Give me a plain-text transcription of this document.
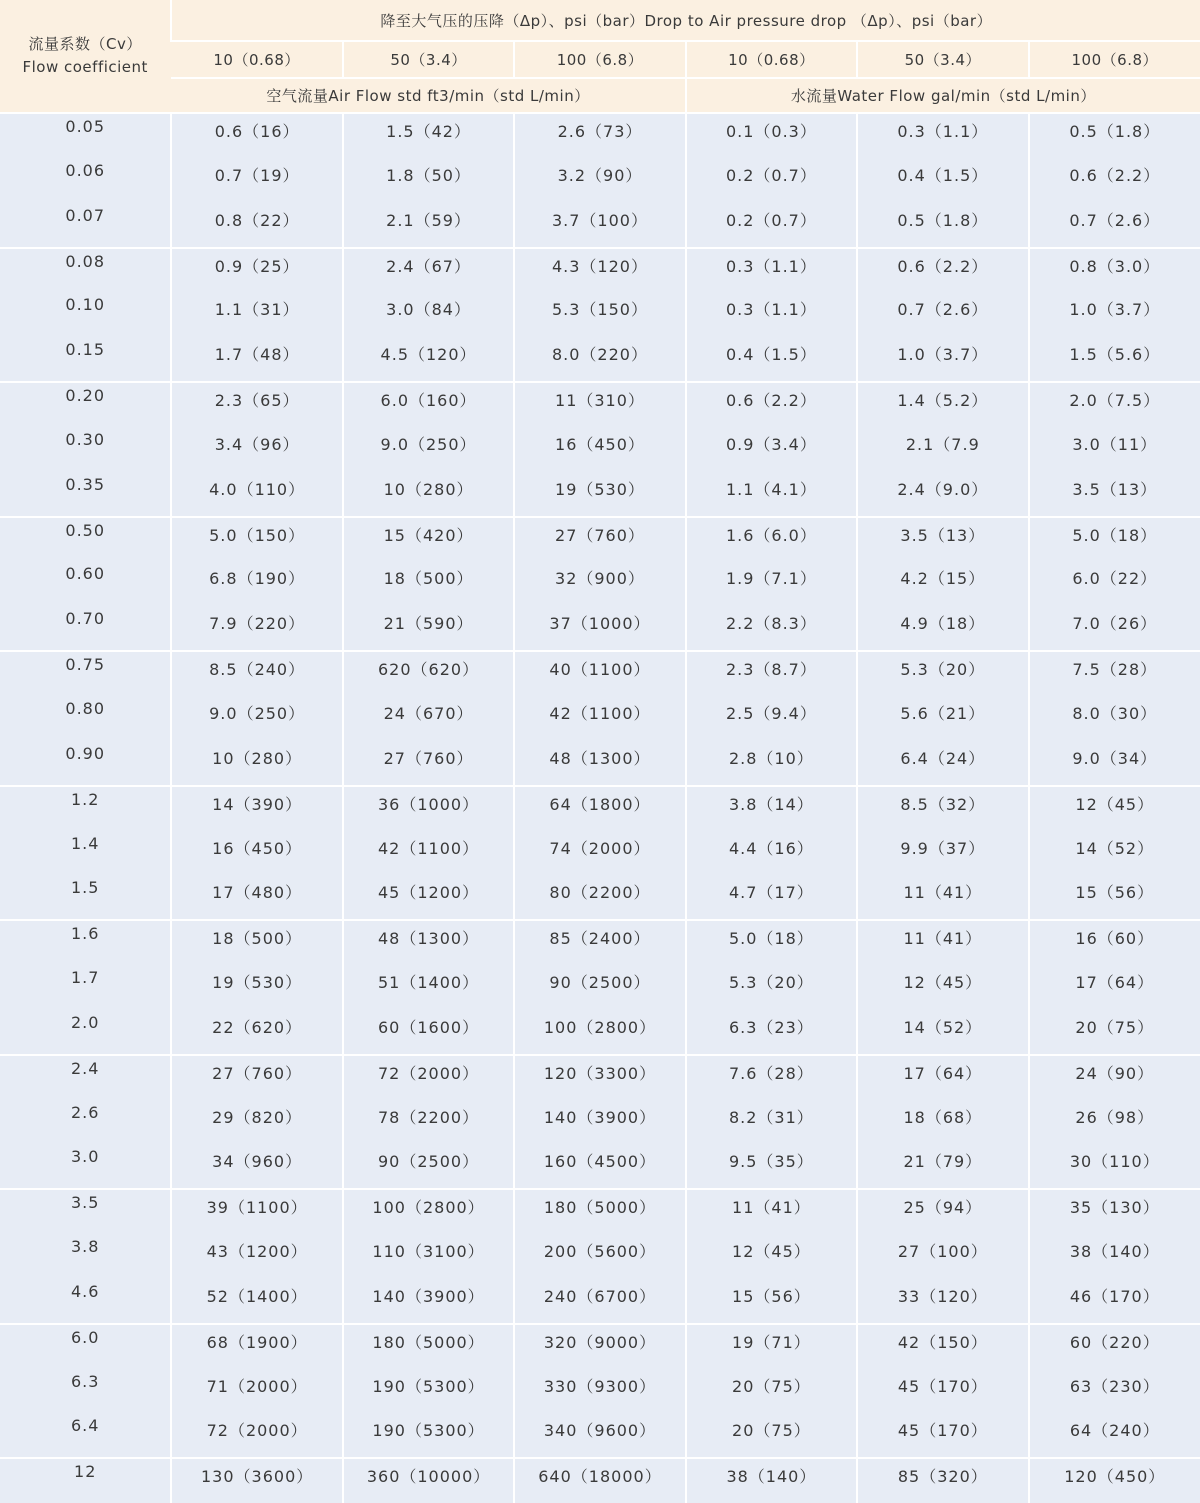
流量系数（Cv）
Flow coefficient	降至大气压的压降（Δp）、psi（bar）Drop to Air pressure drop （Δp）、psi（bar）					
	10（0.68）	50（3.4）	100（6.8）	10（0.68）	50（3.4）	100（6.8）
	空气流量Air Flow std ft3/min（std L/min）			水流量Water Flow gal/min（std L/min）		
0.05	0.6（16）	1.5（42）	2.6（73）	0.1（0.3）	0.3（1.1）	0.5（1.8）
0.06	0.7（19）	1.8（50）	3.2（90）	0.2（0.7）	0.4（1.5）	0.6（2.2）
0.07	0.8（22）	2.1（59）	3.7（100）	0.2（0.7）	0.5（1.8）	0.7（2.6）
0.08	0.9（25）	2.4（67）	4.3（120）	0.3（1.1）	0.6（2.2）	0.8（3.0）
0.10	1.1（31）	3.0（84）	5.3（150）	0.3（1.1）	0.7（2.6）	1.0（3.7）
0.15	1.7（48）	4.5（120）	8.0（220）	0.4（1.5）	1.0（3.7）	1.5（5.6）
0.20	2.3（65）	6.0（160）	11（310）	0.6（2.2）	1.4（5.2）	2.0（7.5）
0.30	3.4（96）	9.0（250）	16（450）	0.9（3.4）	2.1（7.9	3.0（11）
0.35	4.0（110）	10（280）	19（530）	1.1（4.1）	2.4（9.0）	3.5（13）
0.50	5.0（150）	15（420）	27（760）	1.6（6.0）	3.5（13）	5.0（18）
0.60	6.8（190）	18（500）	32（900）	1.9（7.1）	4.2（15）	6.0（22）
0.70	7.9（220）	21（590）	37（1000）	2.2（8.3）	4.9（18）	7.0（26）
0.75	8.5（240）	620（620）	40（1100）	2.3（8.7）	5.3（20）	7.5（28）
0.80	9.0（250）	24（670）	42（1100）	2.5（9.4）	5.6（21）	8.0（30）
0.90	10（280）	27（760）	48（1300）	2.8（10）	6.4（24）	9.0（34）
1.2	14（390）	36（1000）	64（1800）	3.8（14）	8.5（32）	12（45）
1.4	16（450）	42（1100）	74（2000）	4.4（16）	9.9（37）	14（52）
1.5	17（480）	45（1200）	80（2200）	4.7（17）	11（41）	15（56）
1.6	18（500）	48（1300）	85（2400）	5.0（18）	11（41）	16（60）
1.7	19（530）	51（1400）	90（2500）	5.3（20）	12（45）	17（64）
2.0	22（620）	60（1600）	100（2800）	6.3（23）	14（52）	20（75）
2.4	27（760）	72（2000）	120（3300）	7.6（28）	17（64）	24（90）
2.6	29（820）	78（2200）	140（3900）	8.2（31）	18（68）	26（98）
3.0	34（960）	90（2500）	160（4500）	9.5（35）	21（79）	30（110）
3.5	39（1100）	100（2800）	180（5000）	11（41）	25（94）	35（130）
3.8	43（1200）	110（3100）	200（5600）	12（45）	27（100）	38（140）
4.6	52（1400）	140（3900）	240（6700）	15（56）	33（120）	46（170）
6.0	68（1900）	180（5000）	320（9000）	19（71）	42（150）	60（220）
6.3	71（2000）	190（5300）	330（9300）	20（75）	45（170）	63（230）
6.4	72（2000）	190（5300）	340（9600）	20（75）	45（170）	64（240）
12	130（3600）	360（10000）	640（18000）	38（140）	85（320）	120（450）
